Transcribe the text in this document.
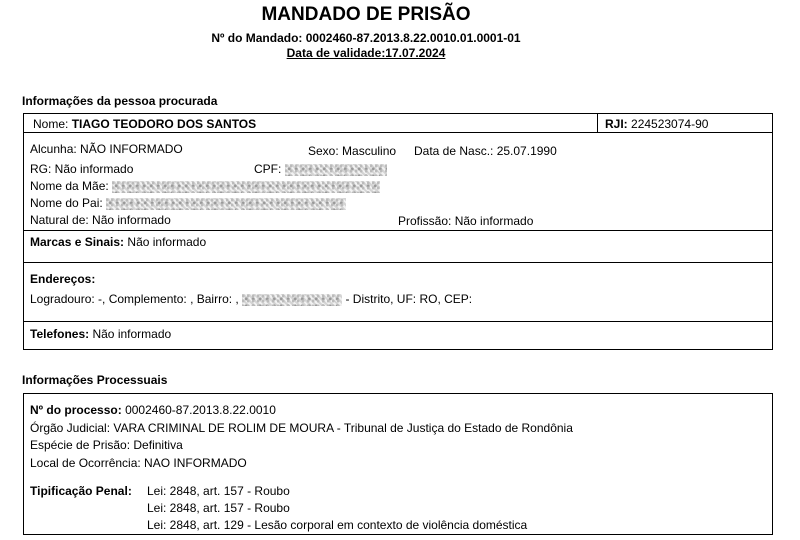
MANDADO DE PRISÃO
Nº do Mandado: 0002460-87.2013.8.22.0010.01.0001-01
Data de validade:17.07.2024
Informações da pessoa procurada
Nome: TIAGO TEODORO DOS SANTOS	RJI: 224523074-90
Alcunha: NÃO INFORMADO	Sexo: Masculino Data de Nasc.: 25.07.1990
RG: Não informado	CPF:
Nome da Mãe:
Nome do Pai:
Natural de: Não informado	Profissão: Não informado
Marcas e Sinais: Não informado
Endereços:
Logradouro: -, Complemento: , Bairro: ,	- Distrito, UF: RO, CEP:
Telefones: Não informado
Informações Processuais
Nº do processo: 0002460-87.2013.8.22.0010
Órgão Judicial: VARA CRIMINAL DE ROLIM DE MOURA - Tribunal de Justiça do Estado de Rondônia
Espécie de Prisão: Definitiva
Local de Ocorrência: NAO INFORMADO
Tipificação Penal: Lei: 2848, art. 157 - Roubo
Lei: 2848, art. 157 - Roubo
Lei: 2848, art. 129 - Lesão corporal em contexto de violência doméstica
